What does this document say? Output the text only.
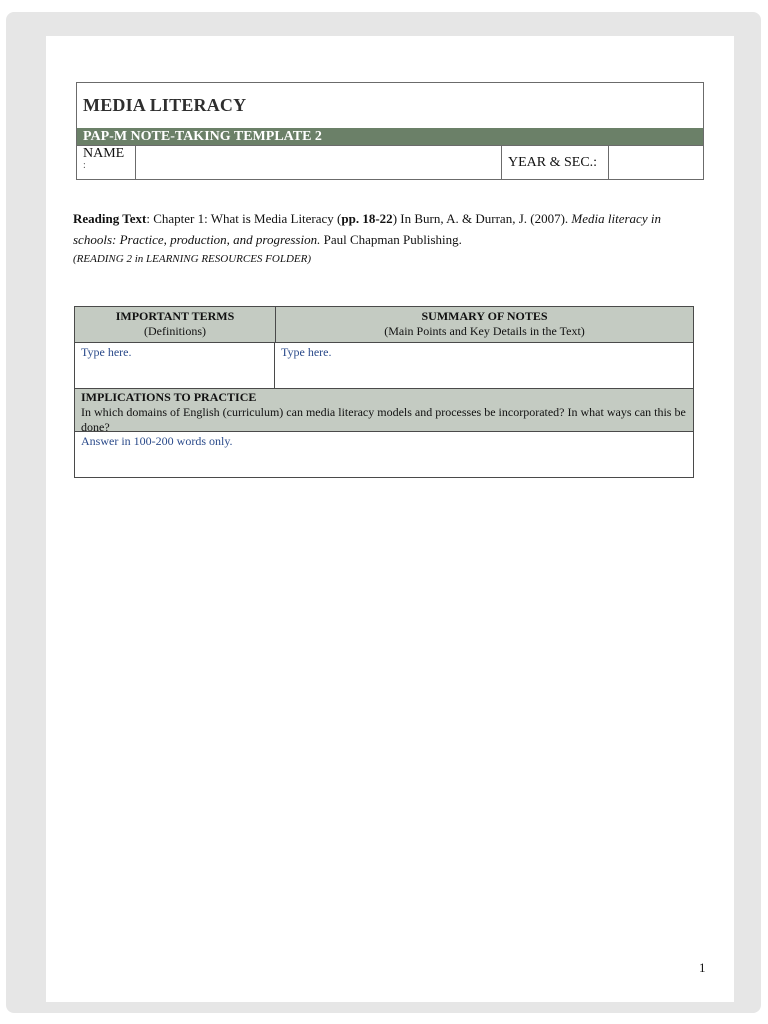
MEDIA LITERACY
PAP-M NOTE-TAKING TEMPLATE 2
NAME
:	YEAR & SEC.:
Reading Text: Chapter 1: What is Media Literacy (pp. 18-22) In Burn, A. & Durran, J. (2007). Media literacy in schools: Practice, production, and progression. Paul Chapman Publishing.
(READING 2 in LEARNING RESOURCES FOLDER)
IMPORTANT TERMS
(Definitions)
SUMMARY OF NOTES
(Main Points and Key Details in the Text)
Type here.	Type here.
IMPLICATIONS TO PRACTICE
In which domains of English (curriculum) can media literacy models and processes be incorporated? In what ways can this be done?
Answer in 100-200 words only.
1
